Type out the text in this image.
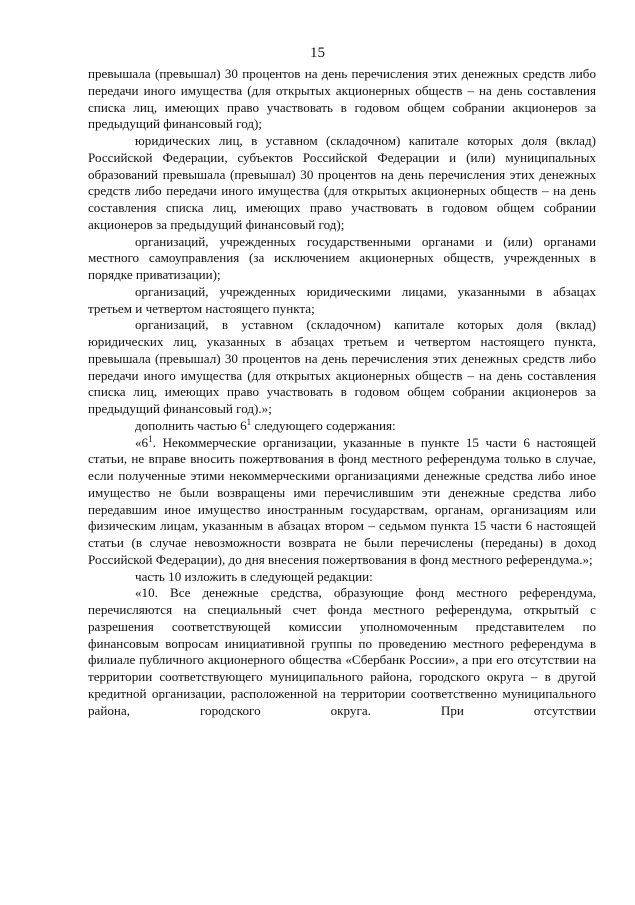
15

превышала (превышал) 30 процентов на день перечисления этих денежных средств либо передачи иного имущества (для открытых акционерных обществ – на день составления списка лиц, имеющих право участвовать в годовом общем собрании акционеров за предыдущий финансовый год);

юридических лиц, в уставном (складочном) капитале которых доля (вклад) Российской Федерации, субъектов Российской Федерации и (или) муниципальных образований превышала (превышал) 30 процентов на день перечисления этих денежных средств либо передачи иного имущества (для открытых акционерных обществ – на день составления списка лиц, имеющих право участвовать в годовом общем собрании акционеров за предыдущий финансовый год);

организаций, учрежденных государственными органами и (или) органами местного самоуправления (за исключением акционерных обществ, учрежденных в порядке приватизации);

организаций, учрежденных юридическими лицами, указанными в абзацах третьем и четвертом настоящего пункта;

организаций, в уставном (складочном) капитале которых доля (вклад) юридических лиц, указанных в абзацах третьем и четвертом настоящего пункта, превышала (превышал) 30 процентов на день перечисления этих денежных средств либо передачи иного имущества (для открытых акционерных обществ – на день составления списка лиц, имеющих право участвовать в годовом общем собрании акционеров за предыдущий финансовый год).»;

дополнить частью $6^1$ следующего содержания:

«$6^1$. Некоммерческие организации, указанные в пункте 15 части 6 настоящей статьи, не вправе вносить пожертвования в фонд местного референдума только в случае, если полученные этими некоммерческими организациями денежные средства либо иное имущество не были возвращены ими перечислившим эти денежные средства либо передавшим иное имущество иностранным государствам, органам, организациям или физическим лицам, указанным в абзацах втором – седьмом пункта 15 части 6 настоящей статьи (в случае невозможности возврата не были перечислены (переданы) в доход Российской Федерации), до дня внесения пожертвования в фонд местного референдума.»;

часть 10 изложить в следующей редакции:

«10. Все денежные средства, образующие фонд местного референдума, перечисляются на специальный счет фонда местного референдума, открытый с разрешения соответствующей комиссии уполномоченным представителем по финансовым вопросам инициативной группы по проведению местного референдума в филиале публичного акционерного общества «Сбербанк России», а при его отсутствии на территории соответствующего муниципального района, городского округа – в другой кредитной организации, расположенной на территории соответственно муниципального района, городского округа. При отсутствии
